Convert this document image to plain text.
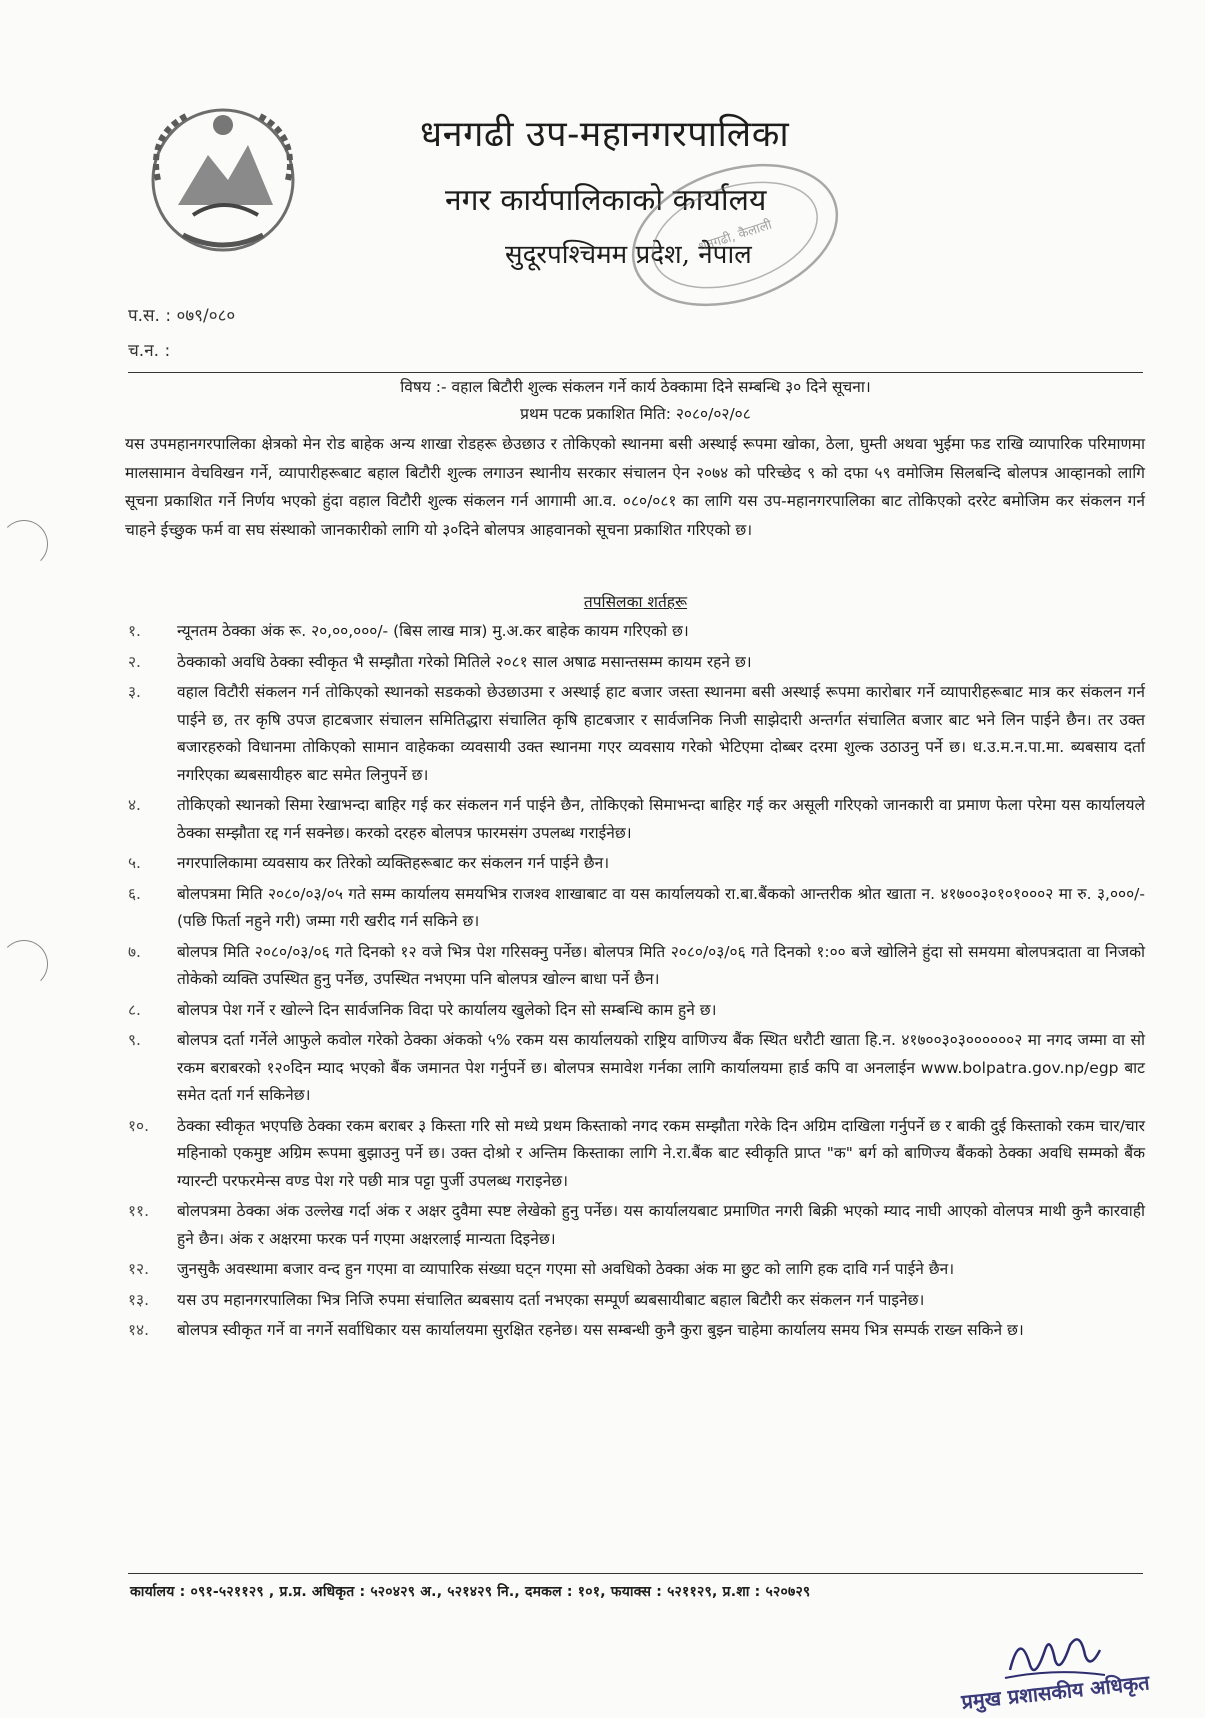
धनगढी उप-महानगरपालिका
नगर कार्यपालिकाको कार्यालय
सुदूरपश्चिमम प्रदेश, नेपाल
धनगढी, कैलाली
प.स. : ०७९/०८०
च.न. :
विषय :- वहाल बिटौरी शुल्क संकलन गर्ने कार्य ठेक्कामा दिने सम्बन्धि ३० दिने सूचना।
प्रथम पटक प्रकाशित मिति: २०८०/०२/०८
यस उपमहानगरपालिका क्षेत्रको मेन रोड बाहेक अन्य शाखा रोडहरू छेउछाउ र तोकिएको स्थानमा बसी अस्थाई रूपमा खोका, ठेला, घुम्ती अथवा भुईमा फड राखि व्यापारिक परिमाणमा मालसामान वेचविखन गर्ने, व्यापारीहरूबाट बहाल बिटौरी शुल्क लगाउन स्थानीय सरकार संचालन ऐन २०७४ को परिच्छेद ९ को दफा ५९ वमोजिम सिलबन्दि बोलपत्र आव्हानको लागि सूचना प्रकाशित गर्ने निर्णय भएको हुंदा वहाल विटौरी शुल्क संकलन गर्न आगामी आ.व. ०८०/०८१ का लागि यस उप-महानगरपालिका बाट तोकिएको दररेट बमोजिम कर संकलन गर्न चाहने ईच्छुक फर्म वा सघ संस्थाको जानकारीको लागि यो ३०दिने बोलपत्र आहवानको सूचना प्रकाशित गरिएको छ।
तपसिलका शर्तहरू
१. न्यूनतम ठेक्का अंक रू. २०,००,०००/- (बिस लाख मात्र) मु.अ.कर बाहेक कायम गरिएको छ।
२. ठेक्काको अवधि ठेक्का स्वीकृत भै सम्झौता गरेको मितिले २०८१ साल अषाढ मसान्तसम्म कायम रहने छ।
३. वहाल विटौरी संकलन गर्न तोकिएको स्थानको सडकको छेउछाउमा र अस्थाई हाट बजार जस्ता स्थानमा बसी अस्थाई रूपमा कारोबार गर्ने व्यापारीहरूबाट मात्र कर संकलन गर्न पाईने छ, तर कृषि उपज हाटबजार संचालन समितिद्धारा संचालित कृषि हाटबजार र सार्वजनिक निजी साझेदारी अन्तर्गत संचालित बजार बाट भने लिन पाईने छैन। तर उक्त बजारहरुको विधानमा तोकिएको सामान वाहेकका व्यवसायी उक्त स्थानमा गएर व्यवसाय गरेको भेटिएमा दोब्बर दरमा शुल्क उठाउनु पर्ने छ। ध.उ.म.न.पा.मा. ब्यबसाय दर्ता नगरिएका ब्यबसायीहरु बाट समेत लिनुपर्ने छ।
४. तोकिएको स्थानको सिमा रेखाभन्दा बाहिर गई कर संकलन गर्न पाईने छैन, तोकिएको सिमाभन्दा बाहिर गई कर असूली गरिएको जानकारी वा प्रमाण फेला परेमा यस कार्यालयले ठेक्का सम्झौता रद्द गर्न सक्नेछ। करको दरहरु बोलपत्र फारमसंग उपलब्ध गराईनेछ।
५. नगरपालिकामा व्यवसाय कर तिरेको व्यक्तिहरूबाट कर संकलन गर्न पाईने छैन।
६. बोलपत्रमा मिति २०८०/०३/०५ गते सम्म कार्यालय समयभित्र राजश्व शाखाबाट वा यस कार्यालयको रा.बा.बैंकको आन्तरीक श्रोत खाता न. ४१७००३०१०१०००२ मा रु. ३,०००/- (पछि फिर्ता नहुने गरी) जम्मा गरी खरीद गर्न सकिने छ।
७. बोलपत्र मिति २०८०/०३/०६ गते दिनको १२ वजे भित्र पेश गरिसक्नु पर्नेछ। बोलपत्र मिति २०८०/०३/०६ गते दिनको १:०० बजे खोलिने हुंदा सो समयमा बोलपत्रदाता वा निजको तोकेको व्यक्ति उपस्थित हुनु पर्नेछ, उपस्थित नभएमा पनि बोलपत्र खोल्न बाधा पर्ने छैन।
८. बोलपत्र पेश गर्ने र खोल्ने दिन सार्वजनिक विदा परे कार्यालय खुलेको दिन सो सम्बन्धि काम हुने छ।
९. बोलपत्र दर्ता गर्नेले आफुले कवोल गरेको ठेक्का अंकको ५% रकम यस कार्यालयको राष्ट्रिय वाणिज्य बैंक स्थित धरौटी खाता हि.न. ४१७००३०३००००००२ मा नगद जम्मा वा सो रकम बराबरको १२०दिन म्याद भएको बैंक जमानत पेश गर्नुपर्ने छ। बोलपत्र समावेश गर्नका लागि कार्यालयमा हार्ड कपि वा अनलाईन www.bolpatra.gov.np/egp बाट समेत दर्ता गर्न सकिनेछ।
१०. ठेक्का स्वीकृत भएपछि ठेक्का रकम बराबर ३ किस्ता गरि सो मध्ये प्रथम किस्ताको नगद रकम सम्झौता गरेके दिन अग्रिम दाखिला गर्नुपर्ने छ र बाकी दुई किस्ताको रकम चार/चार महिनाको एकमुष्ट अग्रिम रूपमा बुझाउनु पर्ने छ। उक्त दोश्रो र अन्तिम किस्ताका लागि ने.रा.बैंक बाट स्वीकृति प्राप्त "क" बर्ग को बाणिज्य बैंकको ठेक्का अवधि सम्मको बैंक ग्यारन्टी परफरमेन्स वण्ड पेश गरे पछी मात्र पट्टा पुर्जी उपलब्ध गराइनेछ।
११. बोलपत्रमा ठेक्का अंक उल्लेख गर्दा अंक र अक्षर दुवैमा स्पष्ट लेखेको हुनु पर्नेछ। यस कार्यालयबाट प्रमाणित नगरी बिक्री भएको म्याद नाघी आएको वोलपत्र माथी कुनै कारवाही हुने छैन। अंक र अक्षरमा फरक पर्न गएमा अक्षरलाई मान्यता दिइनेछ।
१२. जुनसुकै अवस्थामा बजार वन्द हुन गएमा वा व्यापारिक संख्या घट्न गएमा सो अवधिको ठेक्का अंक मा छुट को लागि हक दावि गर्न पाईने छैन।
१३. यस उप महानगरपालिका भित्र निजि रुपमा संचालित ब्यबसाय दर्ता नभएका सम्पूर्ण ब्यबसायीबाट बहाल बिटौरी कर संकलन गर्न पाइनेछ।
१४. बोलपत्र स्वीकृत गर्ने वा नगर्ने सर्वाधिकार यस कार्यालयमा सुरक्षित रहनेछ। यस सम्बन्धी कुनै कुरा बुझ्न चाहेमा कार्यालय समय भित्र सम्पर्क राख्न सकिने छ।
कार्यालय : ०९१-५२११२९ , प्र.प्र. अधिकृत : ५२०४२९ अ., ५२१४२९ नि., दमकल : १०१, फयाक्स : ५२११२९, प्र.शा : ५२०७२९
प्रमुख प्रशासकीय अधिकृत
